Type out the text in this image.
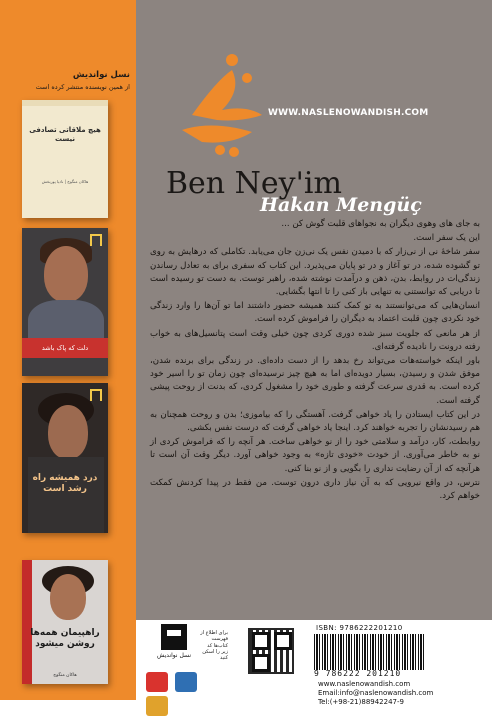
نسل نواندیش
از همین نویسنده منتشر کرده است
هیچ ملاقاتی تصادفی نیست
هاکان منگوچ | نادیا پوربخش
دلت که پاک باشد
درد همیشه راه رشد است
راهپیمان همه‌ها روشن میشود
هاکان منگوچ
WWW.NASLENOWANDISH.COM
Ben Ney'im
Hakan Mengüç

به جای های وهوی دیگران به نجواهای قلبت گوش کن ...

این یک سفر است.

سفر شاخهٔ نی از نی‌زار که با دمیدن نفس یک نی‌زن جان می‌یابد. تکاملی که درهایش به روی تو گشوده شده، در تو آغاز و در تو پایان می‌پذیرد. این کتاب که سفری برای به تعادل رساندن زندگی‌ات در روابط، بدن، ذهن و درآمدت نوشته شده، راهبر توست. به دست تو رسیده است تا دریابی که توانستنی به تنهایی باز کنی را تا انتها بگشایی.

انسان‌هایی که می‌توانستند به تو کمک کنند همیشه حضور داشتند اما تو آن‌ها را وارد زندگی خود نکردی چون قلبت اعتماد به دیگران را فراموش کرده است.

از هر مانعی که جلویت سبز شده دوری کردی چون خیلی وقت است پتانسیل‌های به خواب رفته درونت را نادیده گرفته‌ای.

باور اینکه خواسته‌هات می‌تواند رخ بدهد را از دست داده‌ای. در زندگی برای برنده شدن، موفق شدن و رسیدن، بسیار دویده‌ای اما به هیچ چیز نرسیده‌ای چون زمان تو را اسیر خود کرده است. به قدری سرعت گرفته و طوری خود را مشغول کردی، که بدنت از روحت پیشی گرفته است.

در این کتاب ایستادن را یاد خواهی گرفت. آهستگی را که بیاموزی؛ بدن و روحت همچنان به هم رسیدنشان را تجربه خواهند کرد. اینجا یاد خواهی گرفت که درست نفس بکشی.

روابطت، کار، درآمد و سلامتی خود را از نو خواهی ساخت. هر آنچه را که فراموش کردی از نو به خاطر می‌آوری. از خودت «خودی تازه» به وجود خواهی آورد. دیگر وقت آن است تا هرآنچه که از آن رضایت نداری را بگویی و از نو بنا کنی.

نترس، در واقع نیرویی که به آن نیاز داری درون توست. من فقط در پیدا کردنش کمکت خواهم کرد.

نسل نواندیش

برای اطلاع از فهرست کتاب‌ها کد زیر را اسکن کنید
ISBN: 9786222201210
9 786222 201210
www.naslenowandish.com
Email:info@naslenowandish.com
Tel:(+98-21)88942247-9
